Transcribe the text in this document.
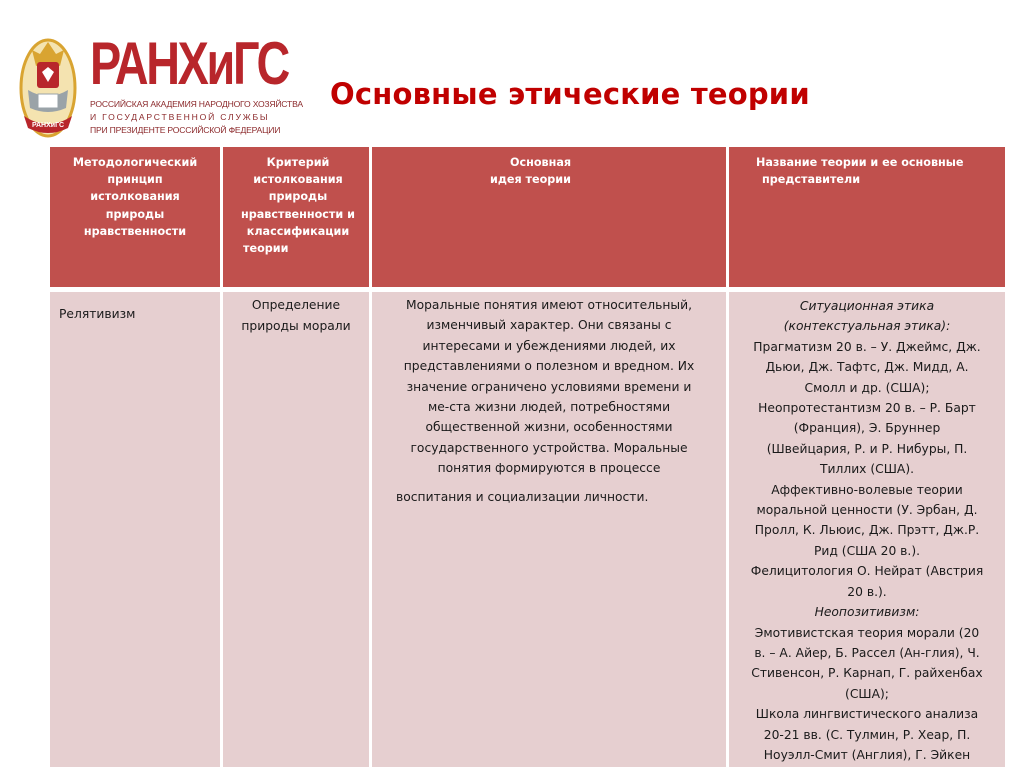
РАНХиГС
РАНХиГС
РОССИЙСКАЯ АКАДЕМИЯ НАРОДНОГО ХОЗЯЙСТВА
И ГОСУДАРСТВЕННОЙ СЛУЖБЫ
ПРИ ПРЕЗИДЕНТЕ РОССИЙСКОЙ ФЕДЕРАЦИИ
Основные этические теории
Методологический
принцип
истолкования
природы
нравственности
Критерий
истолкования
природы
нравственности и
классификации
теории
Основная
идея теории
Название теории и ее основные
представители
Релятивизм
Определение
природы морали
Моральные понятия имеют относительный,
изменчивый характер. Они связаны с
интересами и убеждениями людей, их
представлениями о полезном и вредном. Их
значение ограничено условиями времени и
ме-ста жизни людей, потребностями
общественной жизни, особенностями
государственного устройства. Моральные
понятия формируются в процессе
воспитания и социализации личности.
Ситуационная этика
(контекстуальная этика):
Прагматизм 20 в. – У. Джеймс, Дж.
Дьюи, Дж. Тафтс, Дж. Мидд, А.
Смолл и др. (США);
Неопротестантизм 20 в. – Р. Барт
(Франция), Э. Бруннер
(Швейцария, Р. и Р. Нибуры, П.
Тиллих (США).
Аффективно-волевые теории
моральной ценности (У. Эрбан, Д.
Пролл, К. Льюис, Дж. Прэтт, Дж.Р.
Рид (США 20 в.).
Фелицитология О. Нейрат (Австрия
20 в.).
Неопозитивизм:
Эмотивистская теория морали (20
в. – А. Айер, Б. Рассел (Ан-глия), Ч.
Стивенсон, Р. Карнап, Г. райхенбах
(США);
Школа лингвистического анализа
20-21 вв. (С. Тулмин, Р. Хеар, П.
Ноуэлл-Смит (Англия), Г. Эйкен
